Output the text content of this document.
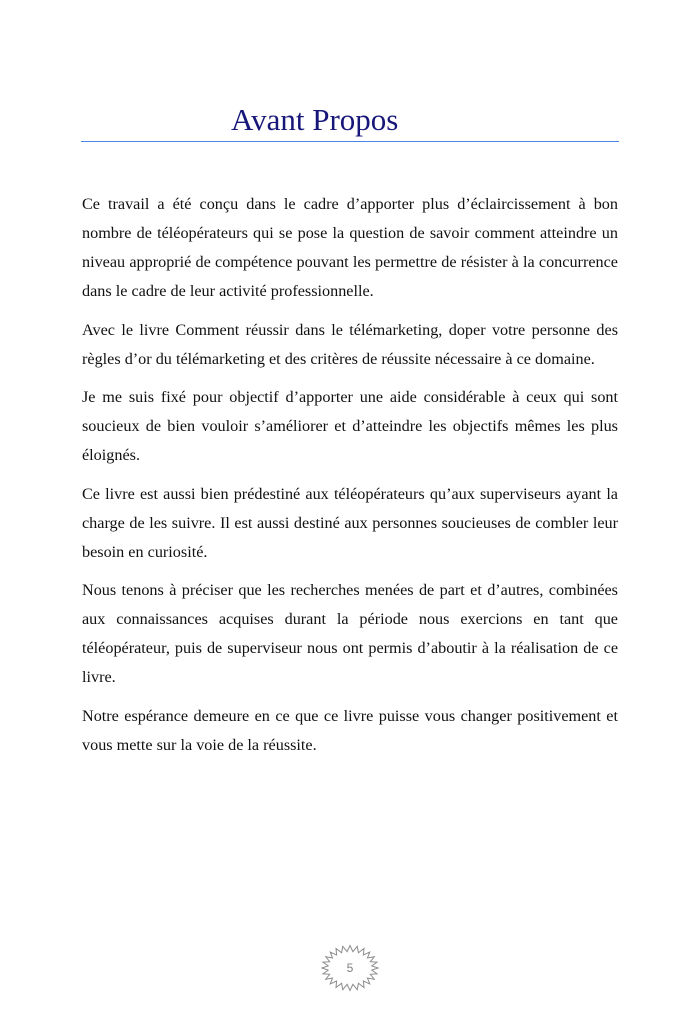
Avant Propos

Ce travail a été conçu dans le cadre d’apporter plus d’éclaircissement à bon nombre de téléopérateurs qui se pose la question de savoir comment atteindre un niveau approprié de compétence pouvant les permettre de résister à la concurrence dans le cadre de leur activité professionnelle.

Avec le livre Comment réussir dans le télémarketing, doper votre personne des règles d’or du télémarketing et des critères de réussite nécessaire à ce domaine.

Je me suis fixé pour objectif d’apporter une aide considérable à ceux qui sont soucieux de bien vouloir s’améliorer et d’atteindre les objectifs mêmes les plus éloignés.

Ce livre est aussi bien prédestiné aux téléopérateurs qu’aux superviseurs ayant la charge de les suivre. Il est aussi destiné aux personnes soucieuses de combler leur besoin en curiosité.

Nous tenons à préciser que les recherches menées de part et d’autres, combinées aux connaissances acquises durant la période nous exercions en tant que téléopérateur, puis de superviseur nous ont permis d’aboutir à la réalisation de ce livre.

Notre espérance demeure en ce que ce livre puisse vous changer positivement et vous mette sur la voie de la réussite.

5
